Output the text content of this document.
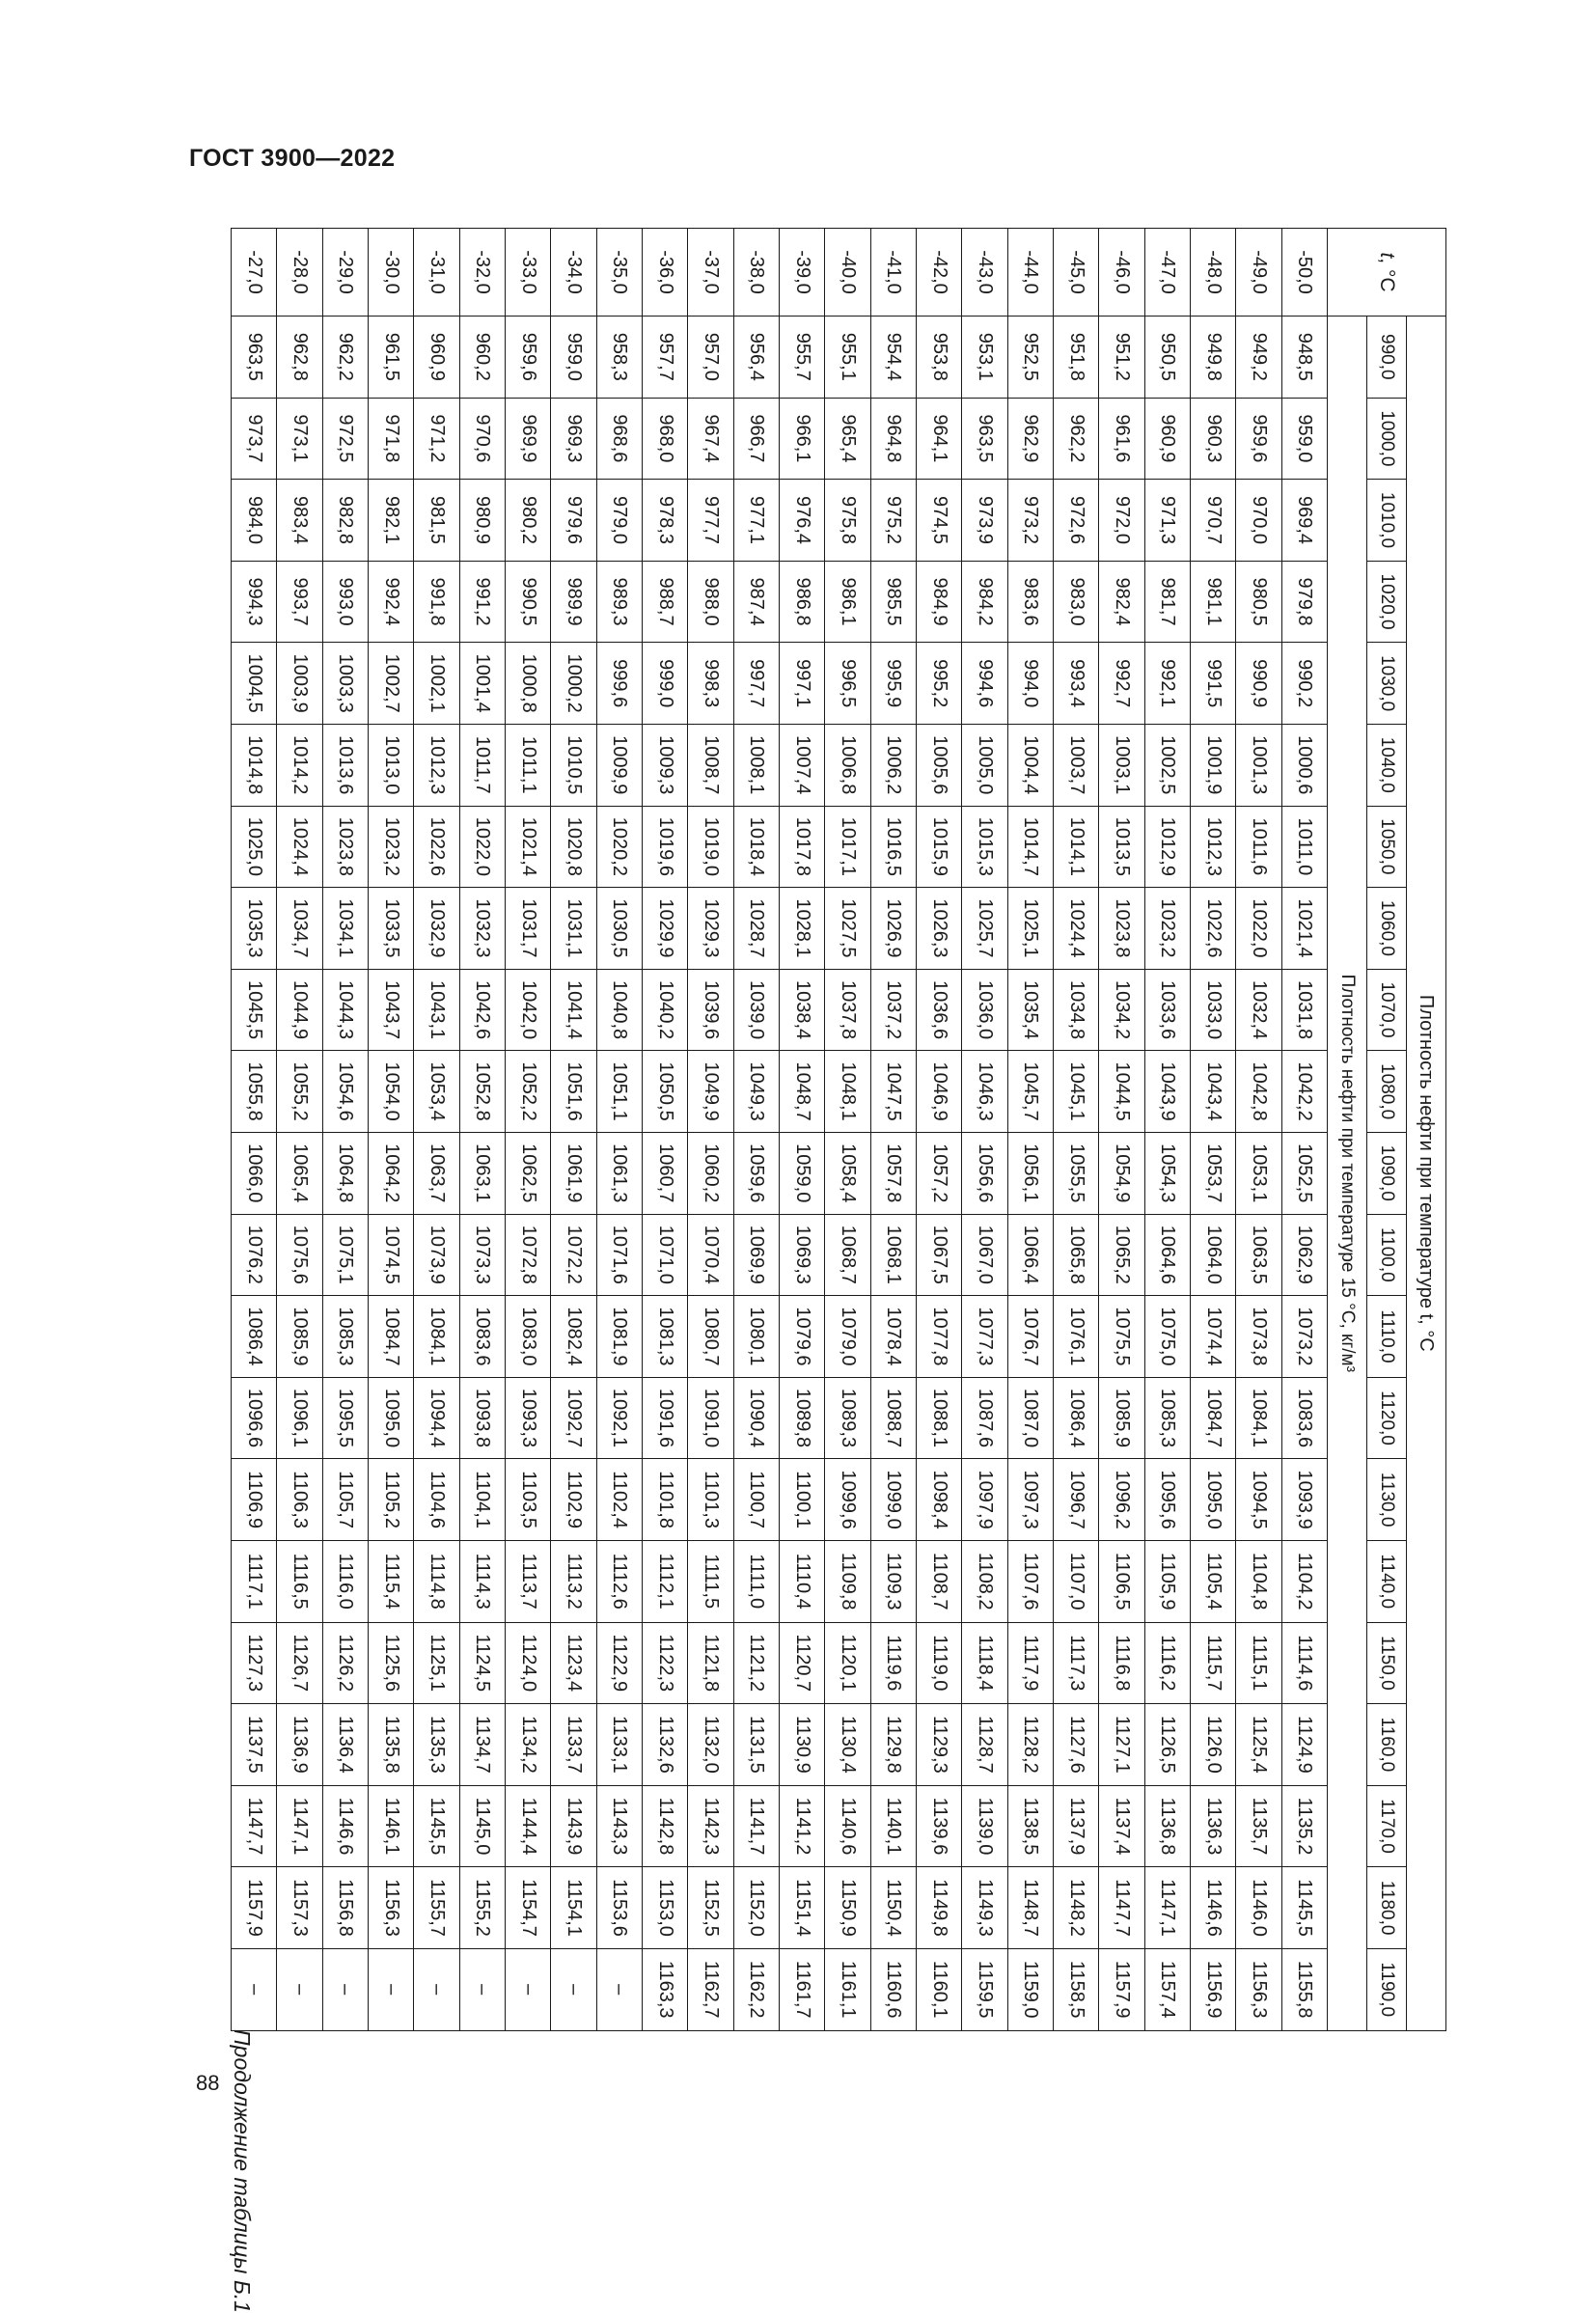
ГОСТ 3900—2022
t, °C	Плотность нефти при температуре t, °C																				
	990,0	1000,0	1010,0	1020,0	1030,0	1040,0	1050,0	1060,0	1070,0	1080,0	1090,0	1100,0	1110,0	1120,0	1130,0	1140,0	1150,0	1160,0	1170,0	1180,0	1190,0
	Плотность нефти при температуре 15 °С, кг/м³																				
-50,0	948,5	959,0	969,4	979,8	990,2	1000,6	1011,0	1021,4	1031,8	1042,2	1052,5	1062,9	1073,2	1083,6	1093,9	1104,2	1114,6	1124,9	1135,2	1145,5	1155,8
-49,0	949,2	959,6	970,0	980,5	990,9	1001,3	1011,6	1022,0	1032,4	1042,8	1053,1	1063,5	1073,8	1084,1	1094,5	1104,8	1115,1	1125,4	1135,7	1146,0	1156,3
-48,0	949,8	960,3	970,7	981,1	991,5	1001,9	1012,3	1022,6	1033,0	1043,4	1053,7	1064,0	1074,4	1084,7	1095,0	1105,4	1115,7	1126,0	1136,3	1146,6	1156,9
-47,0	950,5	960,9	971,3	981,7	992,1	1002,5	1012,9	1023,2	1033,6	1043,9	1054,3	1064,6	1075,0	1085,3	1095,6	1105,9	1116,2	1126,5	1136,8	1147,1	1157,4
-46,0	951,2	961,6	972,0	982,4	992,7	1003,1	1013,5	1023,8	1034,2	1044,5	1054,9	1065,2	1075,5	1085,9	1096,2	1106,5	1116,8	1127,1	1137,4	1147,7	1157,9
-45,0	951,8	962,2	972,6	983,0	993,4	1003,7	1014,1	1024,4	1034,8	1045,1	1055,5	1065,8	1076,1	1086,4	1096,7	1107,0	1117,3	1127,6	1137,9	1148,2	1158,5
-44,0	952,5	962,9	973,2	983,6	994,0	1004,4	1014,7	1025,1	1035,4	1045,7	1056,1	1066,4	1076,7	1087,0	1097,3	1107,6	1117,9	1128,2	1138,5	1148,7	1159,0
-43,0	953,1	963,5	973,9	984,2	994,6	1005,0	1015,3	1025,7	1036,0	1046,3	1056,6	1067,0	1077,3	1087,6	1097,9	1108,2	1118,4	1128,7	1139,0	1149,3	1159,5
-42,0	953,8	964,1	974,5	984,9	995,2	1005,6	1015,9	1026,3	1036,6	1046,9	1057,2	1067,5	1077,8	1088,1	1098,4	1108,7	1119,0	1129,3	1139,6	1149,8	1160,1
-41,0	954,4	964,8	975,2	985,5	995,9	1006,2	1016,5	1026,9	1037,2	1047,5	1057,8	1068,1	1078,4	1088,7	1099,0	1109,3	1119,6	1129,8	1140,1	1150,4	1160,6
-40,0	955,1	965,4	975,8	986,1	996,5	1006,8	1017,1	1027,5	1037,8	1048,1	1058,4	1068,7	1079,0	1089,3	1099,6	1109,8	1120,1	1130,4	1140,6	1150,9	1161,1
-39,0	955,7	966,1	976,4	986,8	997,1	1007,4	1017,8	1028,1	1038,4	1048,7	1059,0	1069,3	1079,6	1089,8	1100,1	1110,4	1120,7	1130,9	1141,2	1151,4	1161,7
-38,0	956,4	966,7	977,1	987,4	997,7	1008,1	1018,4	1028,7	1039,0	1049,3	1059,6	1069,9	1080,1	1090,4	1100,7	1111,0	1121,2	1131,5	1141,7	1152,0	1162,2
-37,0	957,0	967,4	977,7	988,0	998,3	1008,7	1019,0	1029,3	1039,6	1049,9	1060,2	1070,4	1080,7	1091,0	1101,3	1111,5	1121,8	1132,0	1142,3	1152,5	1162,7
-36,0	957,7	968,0	978,3	988,7	999,0	1009,3	1019,6	1029,9	1040,2	1050,5	1060,7	1071,0	1081,3	1091,6	1101,8	1112,1	1122,3	1132,6	1142,8	1153,0	1163,3
-35,0	958,3	968,6	979,0	989,3	999,6	1009,9	1020,2	1030,5	1040,8	1051,1	1061,3	1071,6	1081,9	1092,1	1102,4	1112,6	1122,9	1133,1	1143,3	1153,6	–
-34,0	959,0	969,3	979,6	989,9	1000,2	1010,5	1020,8	1031,1	1041,4	1051,6	1061,9	1072,2	1082,4	1092,7	1102,9	1113,2	1123,4	1133,7	1143,9	1154,1	–
-33,0	959,6	969,9	980,2	990,5	1000,8	1011,1	1021,4	1031,7	1042,0	1052,2	1062,5	1072,8	1083,0	1093,3	1103,5	1113,7	1124,0	1134,2	1144,4	1154,7	–
-32,0	960,2	970,6	980,9	991,2	1001,4	1011,7	1022,0	1032,3	1042,6	1052,8	1063,1	1073,3	1083,6	1093,8	1104,1	1114,3	1124,5	1134,7	1145,0	1155,2	–
-31,0	960,9	971,2	981,5	991,8	1002,1	1012,3	1022,6	1032,9	1043,1	1053,4	1063,7	1073,9	1084,1	1094,4	1104,6	1114,8	1125,1	1135,3	1145,5	1155,7	–
-30,0	961,5	971,8	982,1	992,4	1002,7	1013,0	1023,2	1033,5	1043,7	1054,0	1064,2	1074,5	1084,7	1095,0	1105,2	1115,4	1125,6	1135,8	1146,1	1156,3	–
-29,0	962,2	972,5	982,8	993,0	1003,3	1013,6	1023,8	1034,1	1044,3	1054,6	1064,8	1075,1	1085,3	1095,5	1105,7	1116,0	1126,2	1136,4	1146,6	1156,8	–
-28,0	962,8	973,1	983,4	993,7	1003,9	1014,2	1024,4	1034,7	1044,9	1055,2	1065,4	1075,6	1085,9	1096,1	1106,3	1116,5	1126,7	1136,9	1147,1	1157,3	–
-27,0	963,5	973,7	984,0	994,3	1004,5	1014,8	1025,0	1035,3	1045,5	1055,8	1066,0	1076,2	1086,4	1096,6	1106,9	1117,1	1127,3	1137,5	1147,7	1157,9	–
Продолжение таблицы Б.1
88
